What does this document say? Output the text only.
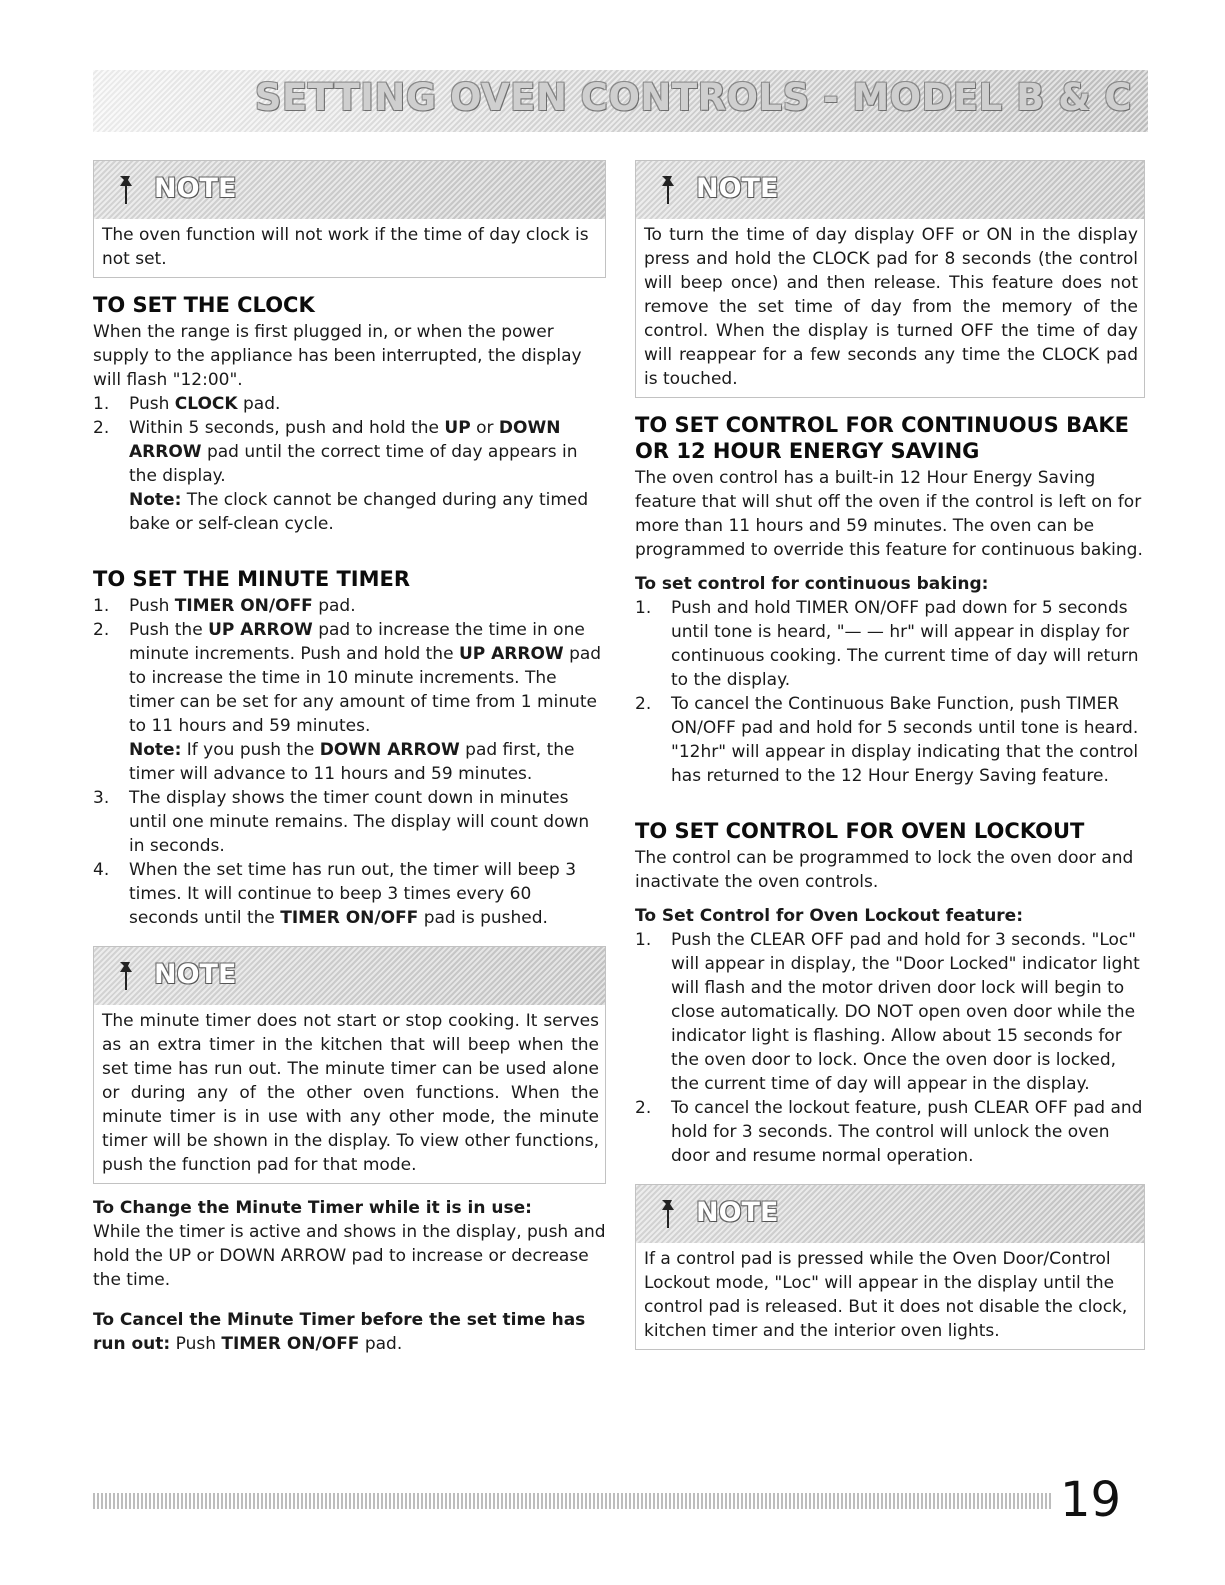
SETTING OVEN CONTROLS - MODEL B & C
NOTE
The oven function will not work if the time of day clock is not set.
TO SET THE CLOCK

When the range is first plugged in, or when the power supply to the appliance has been interrupted, the display will flash "12:00".

1. Push CLOCK pad.
2. Within 5 seconds, push and hold the UP or DOWN ARROW pad until the correct time of day appears in the display.
Note: The clock cannot be changed during any timed bake or self-clean cycle.
TO SET THE MINUTE TIMER
1. Push TIMER ON/OFF pad.
2. Push the UP ARROW pad to increase the time in one minute increments. Push and hold the UP ARROW pad to increase the time in 10 minute increments. The timer can be set for any amount of time from 1 minute to 11 hours and 59 minutes.
Note: If you push the DOWN ARROW pad first, the timer will advance to 11 hours and 59 minutes.
3. The display shows the timer count down in minutes until one minute remains. The display will count down in seconds.
4. When the set time has run out, the timer will beep 3 times. It will continue to beep 3 times every 60 seconds until the TIMER ON/OFF pad is pushed.
NOTE
The minute timer does not start or stop cooking. It serves as an extra timer in the kitchen that will beep when the set time has run out. The minute timer can be used alone or during any of the other oven functions. When the minute timer is in use with any other mode, the minute timer will be shown in the display. To view other functions, push the function pad for that mode.
To Change the Minute Timer while it is in use:

While the timer is active and shows in the display, push and hold the UP or DOWN ARROW pad to increase or decrease the time.

To Cancel the Minute Timer before the set time has run out: Push TIMER ON/OFF pad.

NOTE
To turn the time of day display OFF or ON in the display press and hold the CLOCK pad for 8 seconds (the control will beep once) and then release. This feature does not remove the set time of day from the memory of the control. When the display is turned OFF the time of day will reappear for a few seconds any time the CLOCK pad is touched.
TO SET CONTROL FOR CONTINUOUS BAKE OR 12 HOUR ENERGY SAVING

The oven control has a built-in 12 Hour Energy Saving feature that will shut off the oven if the control is left on for more than 11 hours and 59 minutes. The oven can be programmed to override this feature for continuous baking.

To set control for continuous baking:
1. Push and hold TIMER ON/OFF pad down for 5 seconds until tone is heard, "— — hr" will appear in display for continuous cooking. The current time of day will return to the display.
2. To cancel the Continuous Bake Function, push TIMER ON/OFF pad and hold for 5 seconds until tone is heard. "12hr" will appear in display indicating that the control has returned to the 12 Hour Energy Saving feature.
TO SET CONTROL FOR OVEN LOCKOUT

The control can be programmed to lock the oven door and inactivate the oven controls.

To Set Control for Oven Lockout feature:
1. Push the CLEAR OFF pad and hold for 3 seconds. "Loc" will appear in display, the "Door Locked" indicator light will flash and the motor driven door lock will begin to close automatically. DO NOT open oven door while the indicator light is flashing. Allow about 15 seconds for the oven door to lock. Once the oven door is locked, the current time of day will appear in the display.
2. To cancel the lockout feature, push CLEAR OFF pad and hold for 3 seconds. The control will unlock the oven door and resume normal operation.
NOTE
If a control pad is pressed while the Oven Door/Control Lockout mode, "Loc" will appear in the display until the control pad is released. But it does not disable the clock, kitchen timer and the interior oven lights.
19
